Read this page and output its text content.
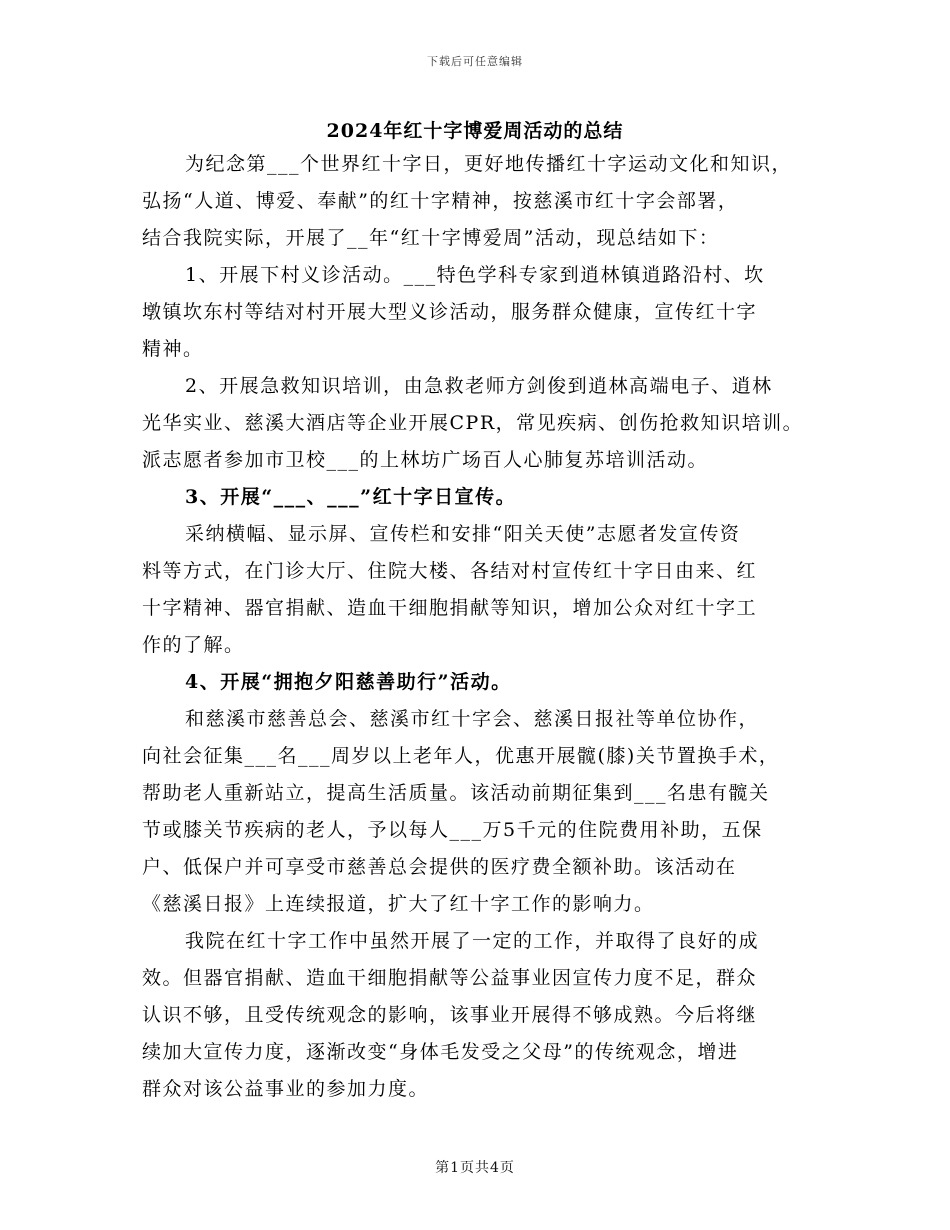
下载后可任意编辑
2024年红十字博爱周活动的总结

为纪念第___个世界红十字日，更好地传播红十字运动文化和知识，
弘扬“人道、博爱、奉献”的红十字精神，按慈溪市红十字会部署，
结合我院实际，开展了__年“红十字博爱周”活动，现总结如下：

1、开展下村义诊活动。___特色学科专家到逍林镇逍路沿村、坎
墩镇坎东村等结对村开展大型义诊活动，服务群众健康，宣传红十字
精神。

2、开展急救知识培训，由急救老师方剑俊到逍林高端电子、逍林
光华实业、慈溪大酒店等企业开展CPR，常见疾病、创伤抢救知识培训。
派志愿者参加市卫校___的上林坊广场百人心肺复苏培训活动。

3、开展“___、___”红十字日宣传。

采纳横幅、显示屏、宣传栏和安排“阳关天使”志愿者发宣传资
料等方式，在门诊大厅、住院大楼、各结对村宣传红十字日由来、红
十字精神、器官捐献、造血干细胞捐献等知识，增加公众对红十字工
作的了解。

4、开展“拥抱夕阳慈善助行”活动。

和慈溪市慈善总会、慈溪市红十字会、慈溪日报社等单位协作，
向社会征集___名___周岁以上老年人，优惠开展髋(膝)关节置换手术，
帮助老人重新站立，提高生活质量。该活动前期征集到___名患有髋关
节或膝关节疾病的老人，予以每人___万5千元的住院费用补助，五保
户、低保户并可享受市慈善总会提供的医疗费全额补助。该活动在
《慈溪日报》上连续报道，扩大了红十字工作的影响力。

我院在红十字工作中虽然开展了一定的工作，并取得了良好的成
效。但器官捐献、造血干细胞捐献等公益事业因宣传力度不足，群众
认识不够，且受传统观念的影响，该事业开展得不够成熟。今后将继
续加大宣传力度，逐渐改变“身体毛发受之父母”的传统观念，增进
群众对该公益事业的参加力度。

第1页共4页
